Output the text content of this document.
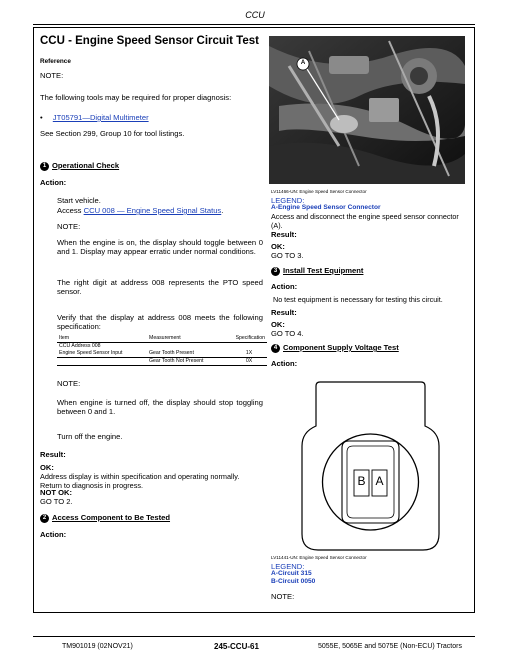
CCU
CCU - Engine Speed Sensor Circuit Test
Reference
NOTE:
The following tools may be required for proper diagnosis:
• JT05791—Digital Multimeter
See Section 299, Group 10 for tool listings.
1 Operational Check
Action:
Start vehicle.
Access CCU 008 — Engine Speed Signal Status.
NOTE:
When the engine is on, the display should toggle between 0 and 1. Display may appear erratic under normal conditions.
The right digit at address 008 represents the PTO speed sensor.
Verify that the display at address 008 meets the following specification:
Item	Measurement	Specification
CCU Address 008		
Engine Speed Sensor Input	Gear Tooth Present	1X
	Gear Tooth Not Present	0X
NOTE:
When engine is turned off, the display should stop toggling between 0 and 1.
Turn off the engine.
Result:
OK:
Address display is within specification and operating normally. Return to diagnosis in progress.
NOT OK:
GO TO 2.
2 Access Component to Be Tested
Action:
A
LV11466-UN: Engine Speed Sensor Connector
LEGEND:
A-Engine Speed Sensor Connector
Access and disconnect the engine speed sensor connector (A).
Result:
OK:
GO TO 3.
3 Install Test Equipment
Action:
No test equipment is necessary for testing this circuit.
Result:
OK:
GO TO 4.
4 Component Supply Voltage Test
Action:
B A
LV11441-UN: Engine Speed Sensor Connector
LEGEND:
A-Circuit 315
B-Circuit 0050
NOTE:
TM901019 (02NOV21)	245-CCU-61	5055E, 5065E and 5075E (Non-ECU) Tractors
